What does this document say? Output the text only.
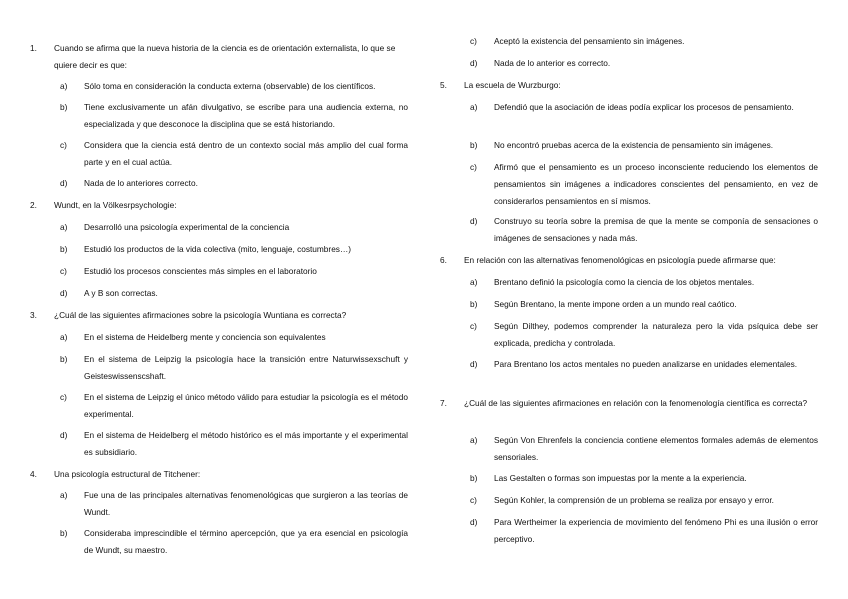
1. Cuando se afirma que la nueva historia de la ciencia es de orientación externalista, lo que se quiere decir es que:
a) Sólo toma en consideración la conducta externa (observable) de los científicos.
b) Tiene exclusivamente un afán divulgativo, se escribe para una audiencia externa, no especializada y que desconoce la disciplina que se está historiando.
c) Considera que la ciencia está dentro de un contexto social más amplio del cual forma parte y en el cual actúa.
d) Nada de lo anteriores correcto.
2. Wundt, en la Völkesrpsychologie:
a) Desarrolló una psicología experimental de la conciencia
b) Estudió los productos de la vida colectiva (mito, lenguaje, costumbres…)
c) Estudió los procesos conscientes más simples en el laboratorio
d) A y B son correctas.
3. ¿Cuál de las siguientes afirmaciones sobre la psicología Wuntiana es correcta?
a) En el sistema de Heidelberg mente y conciencia son equivalentes
b) En el sistema de Leipzig la psicología hace la transición entre Naturwissexschuft y Geisteswissenscshaft.
c) En el sistema de Leipzig el único método válido para estudiar la psicología es el método experimental.
d) En el sistema de Heidelberg el método histórico es el más importante y el experimental es subsidiario.
4. Una psicología estructural de Titchener:
a) Fue una de las principales alternativas fenomenológicas que surgieron a las teorías de Wundt.
b) Consideraba imprescindible el término apercepción, que ya era esencial en psicología de Wundt, su maestro.
c) Aceptó la existencia del pensamiento sin imágenes.
d) Nada de lo anterior es correcto.
5. La escuela de Wurzburgo:
a) Defendió que la asociación de ideas podía explicar los procesos de pensamiento.
b) No encontró pruebas acerca de la existencia de pensamiento sin imágenes.
c) Afirmó que el pensamiento es un proceso inconsciente reduciendo los elementos de pensamientos sin imágenes a indicadores conscientes del pensamiento, en vez de considerarlos pensamientos en sí mismos.
d) Construyo su teoría sobre la premisa de que la mente se componía de sensaciones o imágenes de sensaciones y nada más.
6. En relación con las alternativas fenomenológicas en psicología puede afirmarse que:
a) Brentano definió la psicología como la ciencia de los objetos mentales.
b) Según Brentano, la mente impone orden a un mundo real caótico.
c) Según Dilthey, podemos comprender la naturaleza pero la vida psíquica debe ser explicada, predicha y controlada.
d) Para Brentano los actos mentales no pueden analizarse en unidades elementales.
7. ¿Cuál de las siguientes afirmaciones en relación con la fenomenología científica es correcta?
a) Según Von Ehrenfels la conciencia contiene elementos formales además de elementos sensoriales.
b) Las Gestalten o formas son impuestas por la mente a la experiencia.
c) Según Kohler, la comprensión de un problema se realiza por ensayo y error.
d) Para Wertheimer la experiencia de movimiento del fenómeno Phi es una ilusión o error perceptivo.
